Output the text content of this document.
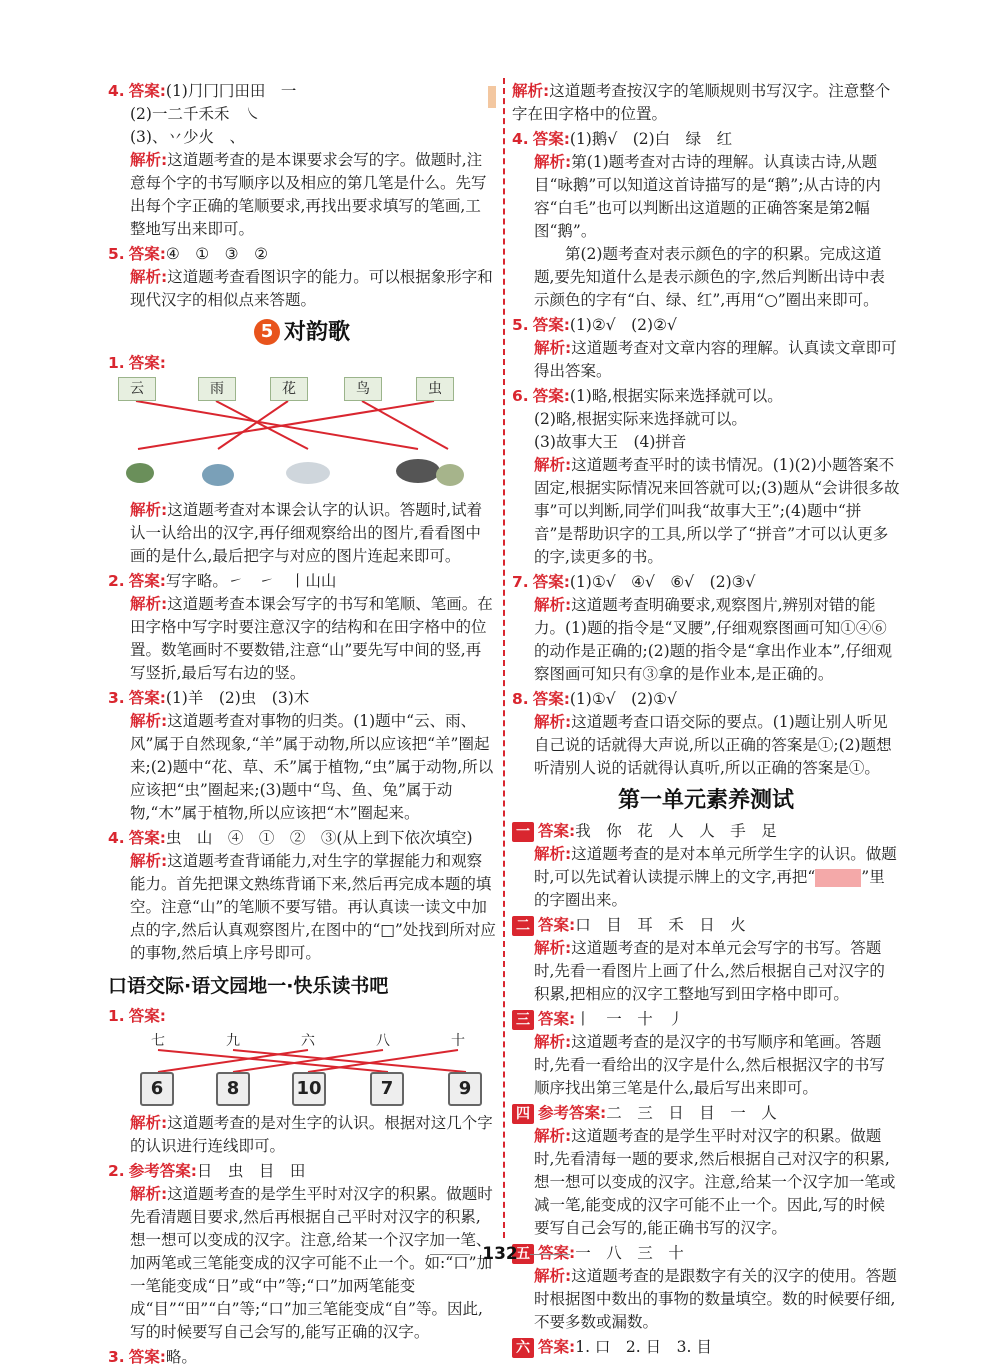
4. 答案:(1)⺆冂冂田田　一
(2)⼀二千禾禾　㇏
(3)、丷少火　、
解析:这道题考查的是本课要求会写的字。做题时,注意每个字的书写顺序以及相应的第几笔是什么。先写出每个字正确的笔顺要求,再找出要求填写的笔画,工整地写出来即可。
5. 答案:④　①　③　②
解析:这道题考查看图识字的能力。可以根据象形字和现代汉字的相似点来答题。
5 对韵歌
1. 答案:
云	雨	花	鸟	虫
解析:这道题考查对本课会认字的认识。答题时,试着认一认给出的汉字,再仔细观察给出的图片,看看图中画的是什么,最后把字与对应的图片连起来即可。
2. 答案:写字略。㇀　㇀　丨山山
解析:这道题考查本课会写字的书写和笔顺、笔画。在田字格中写字时要注意汉字的结构和在田字格中的位置。数笔画时不要数错,注意“山”要先写中间的竖,再写竖折,最后写右边的竖。
3. 答案:(1)羊　(2)虫　(3)木
解析:这道题考查对事物的归类。(1)题中“云、雨、风”属于自然现象,“羊”属于动物,所以应该把“羊”圈起来;(2)题中“花、草、禾”属于植物,“虫”属于动物,所以应该把“虫”圈起来;(3)题中“鸟、鱼、兔”属于动物,“木”属于植物,所以应该把“木”圈起来。
4. 答案:虫　山　④　①　②　③(从上到下依次填空)
解析:这道题考查背诵能力,对生字的掌握能力和观察能力。首先把课文熟练背诵下来,然后再完成本题的填空。注意“山”的笔顺不要写错。再认真读一读文中加点的字,然后认真观察图片,在图中的“□”处找到所对应的事物,然后填上序号即可。
口语交际·语文园地一·快乐读书吧
1. 答案:
七	九	六	八	十
6	8	10	7	9
解析:这道题考查的是对生字的认识。根据对这几个字的认识进行连线即可。
2. 参考答案:日　虫　目　田
解析:这道题考查的是学生平时对汉字的积累。做题时先看清题目要求,然后再根据自己平时对汉字的积累,想一想可以变成的汉字。注意,给某一个汉字加一笔、加两笔或三笔能变成的汉字可能不止一个。如:“口”加一笔能变成“日”或“中”等;“口”加两笔能变成“目”“田”“白”等;“口”加三笔能变成“自”等。因此,写的时候要写自己会写的,能写正确的汉字。
3. 答案:略。
解析:这道题考查按汉字的笔顺规则书写汉字。注意整个字在田字格中的位置。
4. 答案:(1)鹅√　(2)白　绿　红
解析:第(1)题考查对古诗的理解。认真读古诗,从题目“咏鹅”可以知道这首诗描写的是“鹅”;从古诗的内容“白毛”也可以判断出这道题的正确答案是第2幅图“鹅”。
第(2)题考查对表示颜色的字的积累。完成这道题,要先知道什么是表示颜色的字,然后判断出诗中表示颜色的字有“白、绿、红”,再用“○”圈出来即可。
5. 答案:(1)②√　(2)②√
解析:这道题考查对文章内容的理解。认真读文章即可得出答案。
6. 答案:(1)略,根据实际来选择就可以。
(2)略,根据实际来选择就可以。
(3)故事大王　(4)拼音
解析:这道题考查平时的读书情况。(1)(2)小题答案不固定,根据实际情况来回答就可以;(3)题从“会讲很多故事”可以判断,同学们叫我“故事大王”;(4)题中“拼音”是帮助识字的工具,所以学了“拼音”才可以认更多的字,读更多的书。
7. 答案:(1)①√　④√　⑥√　(2)③√
解析:这道题考查明确要求,观察图片,辨别对错的能力。(1)题的指令是“叉腰”,仔细观察图画可知①④⑥的动作是正确的;(2)题的指令是“拿出作业本”,仔细观察图画可知只有③拿的是作业本,是正确的。
8. 答案:(1)①√　(2)①√
解析:这道题考查口语交际的要点。(1)题让别人听见自己说的话就得大声说,所以正确的答案是①;(2)题想听清别人说的话就得认真听,所以正确的答案是①。
第一单元素养测试
一 答案:我　你　花　人　人　手　足
解析:这道题考查的是对本单元所学生字的认识。做题时,可以先试着认读提示牌上的文字,再把“	”里的字圈出来。
二 答案:口　目　耳　禾　日　火
解析:这道题考查的是对本单元会写字的书写。答题时,先看一看图片上画了什么,然后根据自己对汉字的积累,把相应的汉字工整地写到田字格中即可。
三 答案:丨　一　十　丿
解析:这道题考查的是汉字的书写顺序和笔画。答题时,先看一看给出的汉字是什么,然后根据汉字的书写顺序找出第三笔是什么,最后写出来即可。
四 参考答案:二　三　日　目　一　人
解析:这道题考查的是学生平时对汉字的积累。做题时,先看清每一题的要求,然后根据自己对汉字的积累,想一想可以变成的汉字。注意,给某一个汉字加一笔或减一笔,能变成的汉字可能不止一个。因此,写的时候要写自己会写的,能正确书写的汉字。
五 答案:一　八　三　十
解析:这道题考查的是跟数字有关的汉字的使用。答题时根据图中数出的事物的数量填空。数的时候要仔细,不要多数或漏数。
六 答案:1. 口　2. 日　3. 目
132
